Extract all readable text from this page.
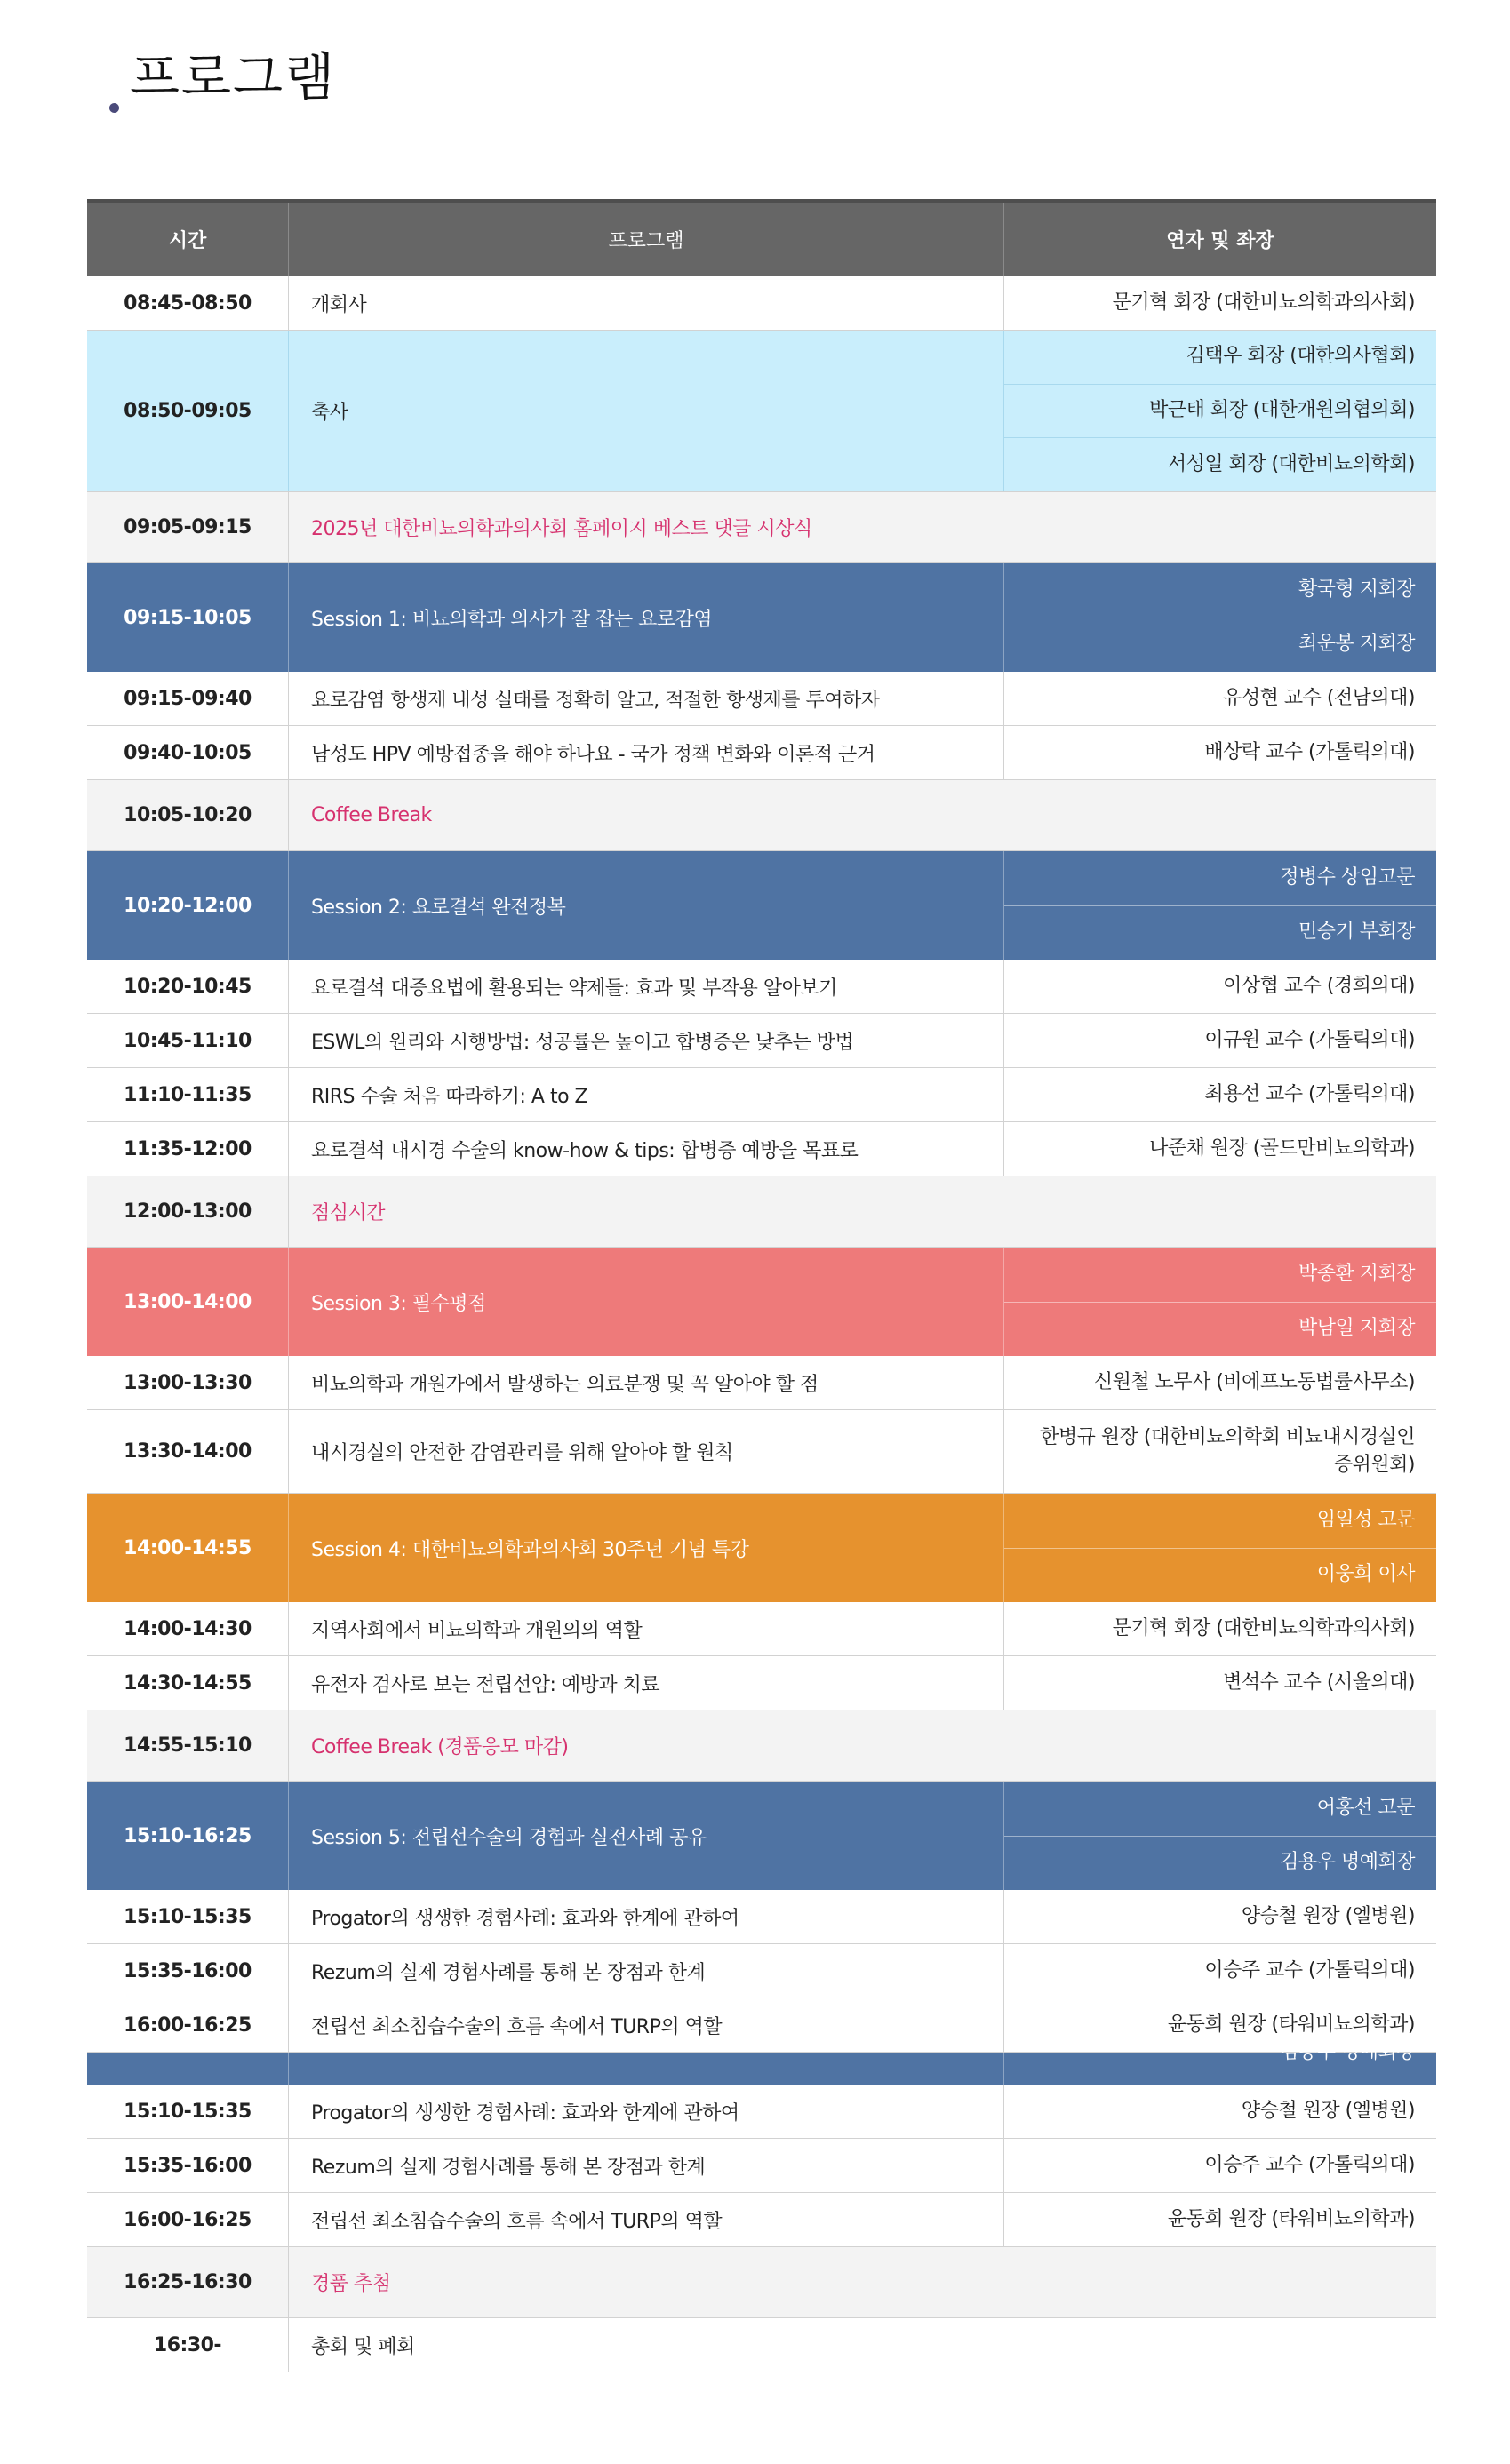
프로그램
시간	프로그램	연자 및 좌장
08:45-08:50	개회사	문기혁 회장 (대한비뇨의학과의사회)
08:50-09:05	축사
김택우 회장 (대한의사협회)
박근태 회장 (대한개원의협의회)
서성일 회장 (대한비뇨의학회)
09:05-09:15	2025년 대한비뇨의학과의사회 홈페이지 베스트 댓글 시상식
09:15-10:05	Session 1: 비뇨의학과 의사가 잘 잡는 요로감염
황국형 지회장
최운봉 지회장
09:15-09:40	요로감염 항생제 내성 실태를 정확히 알고, 적절한 항생제를 투여하자	유성현 교수 (전남의대)
09:40-10:05	남성도 HPV 예방접종을 해야 하나요 - 국가 정책 변화와 이론적 근거	배상락 교수 (가톨릭의대)
10:05-10:20	Coffee Break
10:20-12:00	Session 2: 요로결석 완전정복
정병수 상임고문
민승기 부회장
10:20-10:45	요로결석 대증요법에 활용되는 약제들: 효과 및 부작용 알아보기	이상협 교수 (경희의대)
10:45-11:10	ESWL의 원리와 시행방법: 성공률은 높이고 합병증은 낮추는 방법	이규원 교수 (가톨릭의대)
11:10-11:35	RIRS 수술 처음 따라하기: A to Z	최용선 교수 (가톨릭의대)
11:35-12:00	요로결석 내시경 수술의 know-how & tips: 합병증 예방을 목표로	나준채 원장 (골드만비뇨의학과)
12:00-13:00	점심시간
13:00-14:00	Session 3: 필수평점
박종환 지회장
박남일 지회장
13:00-13:30	비뇨의학과 개원가에서 발생하는 의료분쟁 및 꼭 알아야 할 점	신원철 노무사 (비에프노동법률사무소)
13:30-14:00	내시경실의 안전한 감염관리를 위해 알아야 할 원칙
한병규 원장 (대한비뇨의학회 비뇨내시경실인증위원회)
14:00-14:55	Session 4: 대한비뇨의학과의사회 30주년 기념 특강
임일성 고문
이웅희 이사
14:00-14:30	지역사회에서 비뇨의학과 개원의의 역할	문기혁 회장 (대한비뇨의학과의사회)
14:30-14:55	유전자 검사로 보는 전립선암: 예방과 치료	변석수 교수 (서울의대)
14:55-15:10	Coffee Break (경품응모 마감)
15:10-16:25	Session 5: 전립선수술의 경험과 실전사례 공유
어홍선 고문
김용우 명예회장
15:10-15:35	Progator의 생생한 경험사례: 효과와 한계에 관하여	양승철 원장 (엘병원)
15:35-16:00	Rezum의 실제 경험사례를 통해 본 장점과 한계	이승주 교수 (가톨릭의대)
16:00-16:25	전립선 최소침습수술의 흐름 속에서 TURP의 역할	윤동희 원장 (타워비뇨의학과)
김용우 명예회장
15:10-15:35	Progator의 생생한 경험사례: 효과와 한계에 관하여	양승철 원장 (엘병원)
15:35-16:00	Rezum의 실제 경험사례를 통해 본 장점과 한계	이승주 교수 (가톨릭의대)
16:00-16:25	전립선 최소침습수술의 흐름 속에서 TURP의 역할	윤동희 원장 (타워비뇨의학과)
16:25-16:30	경품 추첨
16:30-	총회 및 폐회
